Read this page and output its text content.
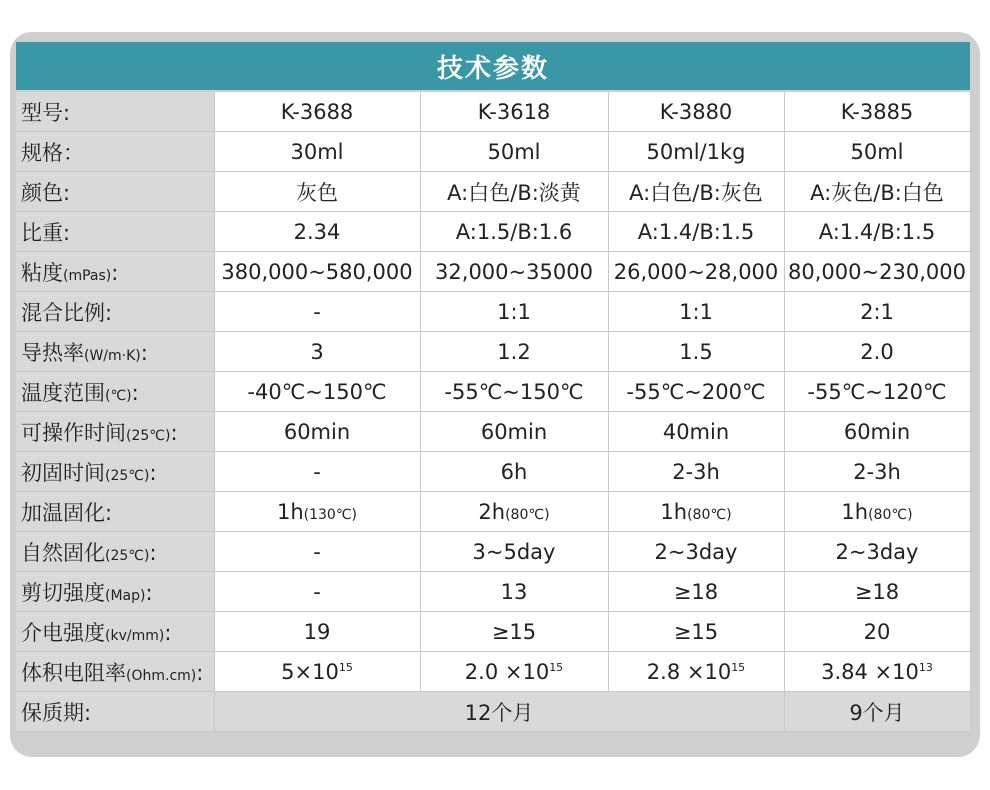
技术参数
型号:	K-3688	K-3618	K-3880	K-3885
规格：	30ml	50ml	50ml/1kg	50ml
颜色:	灰色	A:白色/B:淡黄	A:白色/B:灰色	A:灰色/B:白色
比重:	2.34	A:1.5/B:1.6	A:1.4/B:1.5	A:1.4/B:1.5
粘度(mPas):	380,000~580,000	32,000~35000	26,000~28,000	80,000~230,000
混合比例:	-	1:1	1:1	2:1
导热率(W/m·K):	3	1.2	1.5	2.0
温度范围(℃):	-40℃~150℃	-55℃~150℃	-55℃~200℃	-55℃~120℃
可操作时间(25℃):	60min	60min	40min	60min
初固时间(25℃):	-	6h	2-3h	2-3h
加温固化:	1h(130℃)	2h(80℃)	1h(80℃)	1h(80℃)
自然固化(25℃):	-	3~5day	2~3day	2~3day
剪切强度(Map):	-	13	≥18	≥18
介电强度(kv/mm):	19	≥15	≥15	20
体积电阻率(Ohm.cm):	$5\times 10^{15}$	$2.0 \times 10^{15}$	$2.8 \times 10^{15}$	$3.84 \times 10^{13}$
保质期:	12个月			9个月
